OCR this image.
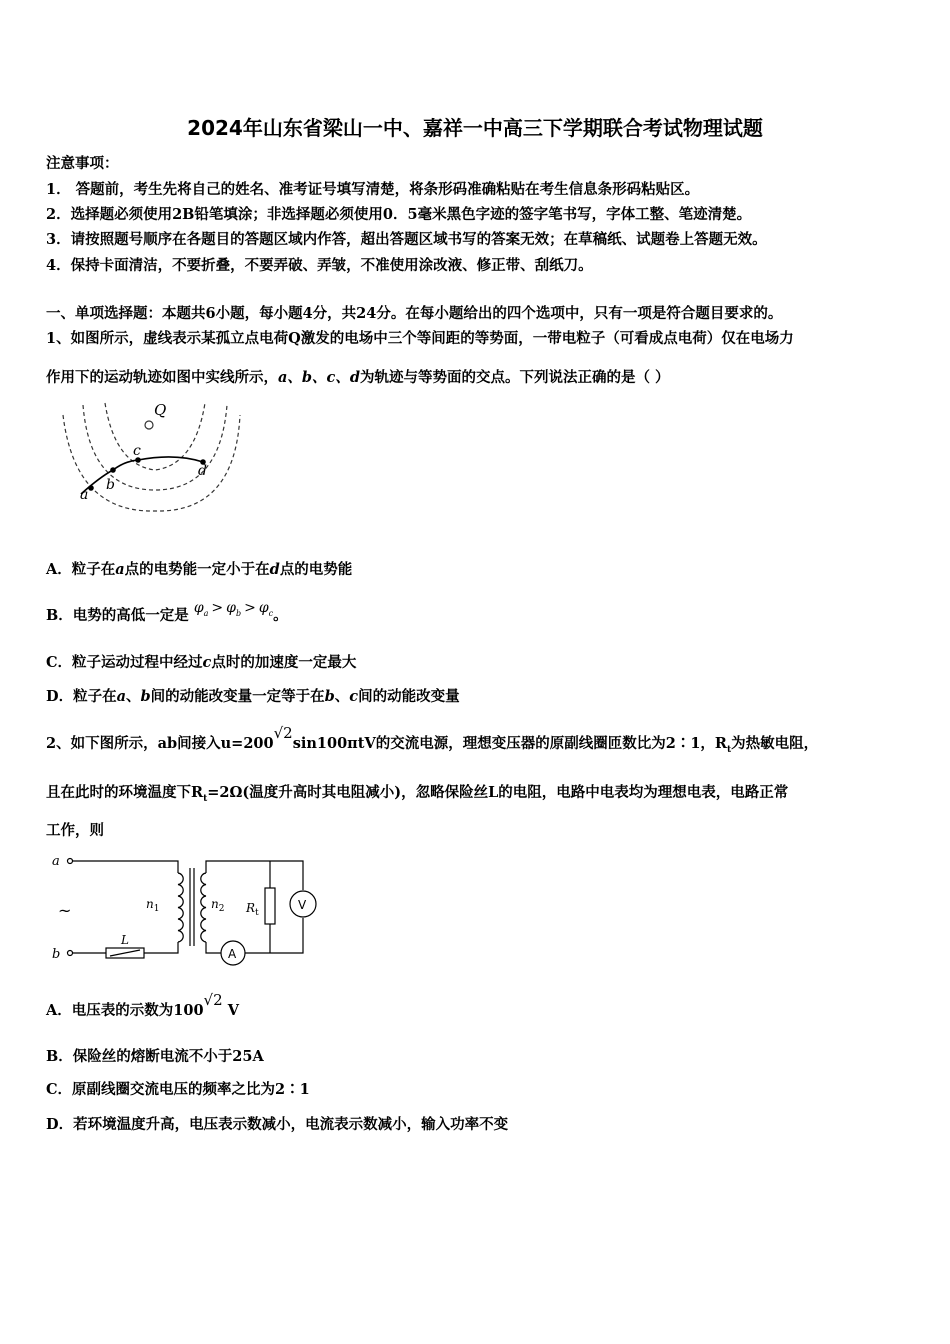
2024年山东省梁山一中、嘉祥一中高三下学期联合考试物理试题
注意事项：
1． 答题前，考生先将自己的姓名、准考证号填写清楚，将条形码准确粘贴在考生信息条形码粘贴区。
2．选择题必须使用2B铅笔填涂；非选择题必须使用0．5毫米黑色字迹的签字笔书写，字体工整、笔迹清楚。
3．请按照题号顺序在各题目的答题区域内作答，超出答题区域书写的答案无效；在草稿纸、试题卷上答题无效。
4．保持卡面清洁，不要折叠，不要弄破、弄皱，不准使用涂改液、修正带、刮纸刀。
一、单项选择题：本题共6小题，每小题4分，共24分。在每小题给出的四个选项中，只有一项是符合题目要求的。
1、如图所示，虚线表示某孤立点电荷Q激发的电场中三个等间距的等势面，一带电粒子（可看成点电荷）仅在电场力
作用下的运动轨迹如图中实线所示，a、b、c、d为轨迹与等势面的交点。下列说法正确的是（ ）
Q
a
b
c
d
A．粒子在a点的电势能一定小于在d点的电势能
B．电势的高低一定是 $\varphi_a > \varphi_b > \varphi_c$。
C．粒子运动过程中经过c点时的加速度一定最大
D．粒子在a、b间的动能改变量一定等于在b、c间的动能改变量
2、如下图所示，ab间接入u=200√2sin100πtV的交流电源，理想变压器的原副线圈匝数比为2∶1，$R_t$为热敏电阻，
且在此时的环境温度下$R_t=2\Omega$(温度升高时其电阻减小)，忽略保险丝L的电阻，电路中电表均为理想电表，电路正常
工作，则
a
b
~
L
$n_1$	$n_2$ $R_t$
V
A
A．电压表的示数为100√2 V
B．保险丝的熔断电流不小于25A
C．原副线圈交流电压的频率之比为2∶1
D．若环境温度升高，电压表示数减小，电流表示数减小，输入功率不变
